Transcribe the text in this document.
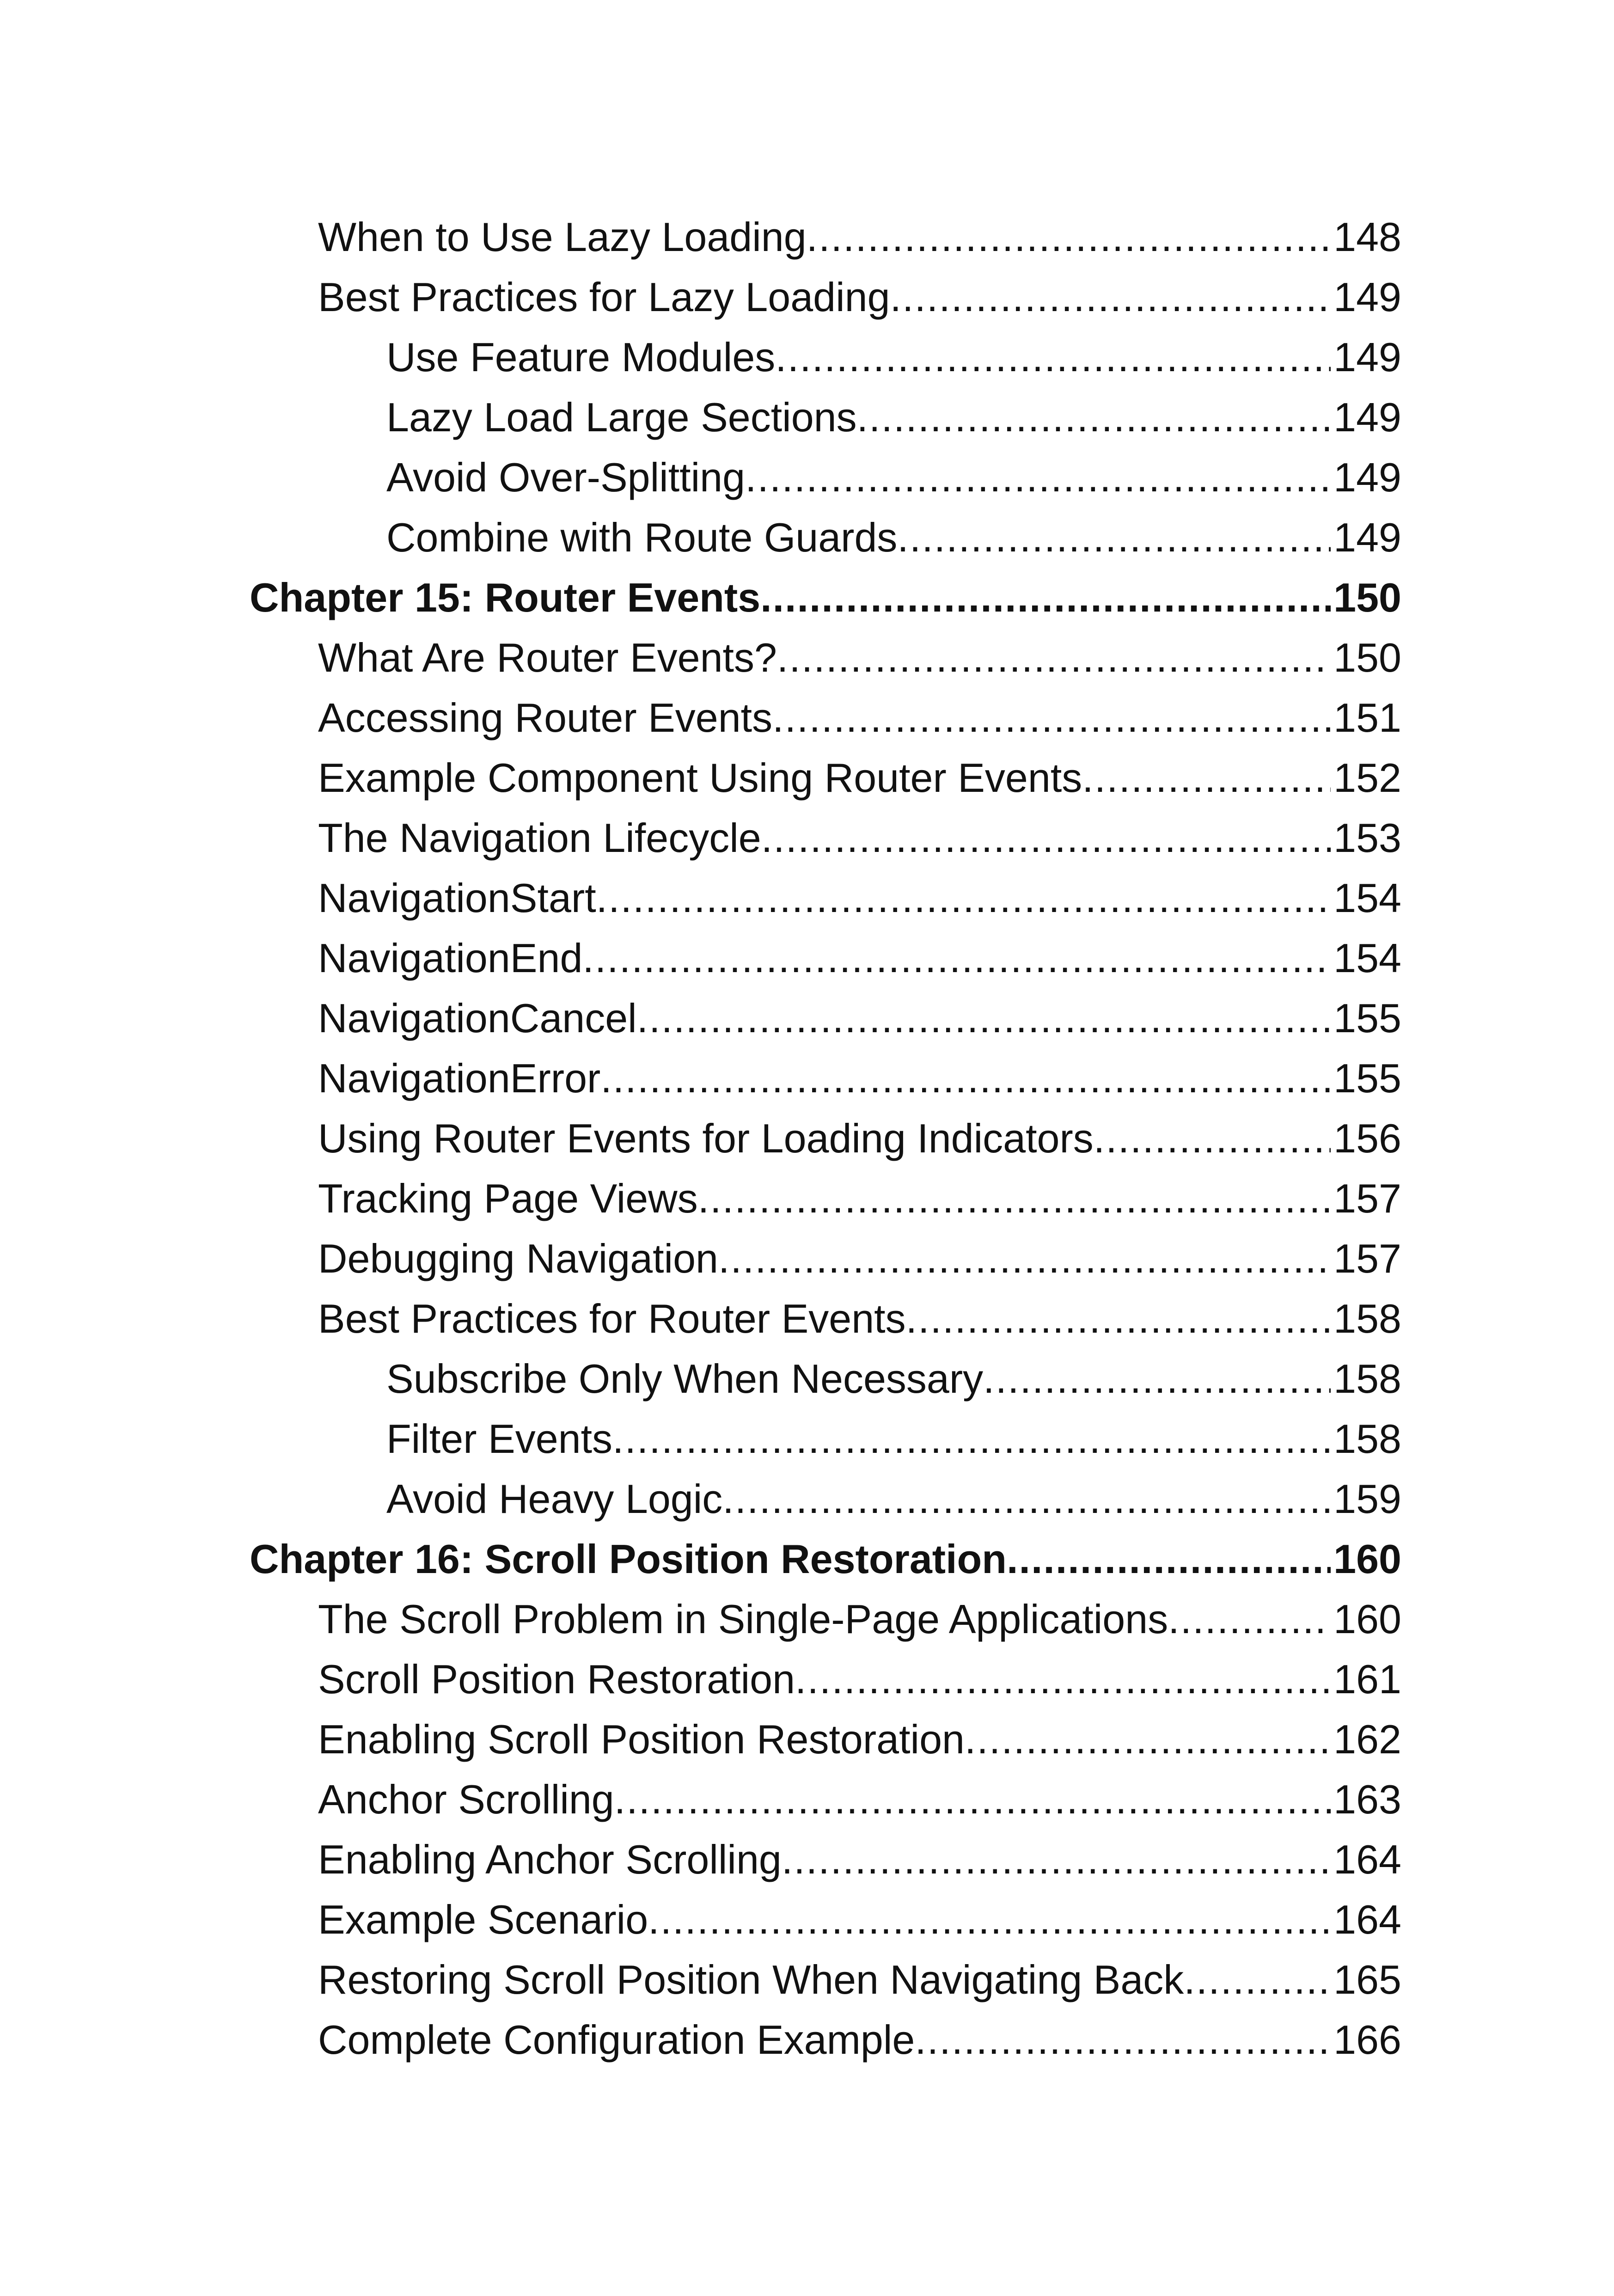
When to Use Lazy Loading .....	148
Best Practices for Lazy Loading .....	149
Use Feature Modules .....	149
Lazy Load Large Sections .....	149
Avoid Over-Splitting .....	149
Combine with Route Guards .....	149
Chapter 15: Router Events .....	150
What Are Router Events? .....	150
Accessing Router Events .....	151
Example Component Using Router Events .....	152
The Navigation Lifecycle .....	153
NavigationStart .....	154
NavigationEnd .....	154
NavigationCancel .....	155
NavigationError .....	155
Using Router Events for Loading Indicators .....	156
Tracking Page Views .....	157
Debugging Navigation .....	157
Best Practices for Router Events .....	158
Subscribe Only When Necessary .....	158
Filter Events .....	158
Avoid Heavy Logic .....	159
Chapter 16: Scroll Position Restoration .....	160
The Scroll Problem in Single-Page Applications .....	160
Scroll Position Restoration .....	161
Enabling Scroll Position Restoration .....	162
Anchor Scrolling .....	163
Enabling Anchor Scrolling .....	164
Example Scenario .....	164
Restoring Scroll Position When Navigating Back .....	165
Complete Configuration Example .....	166
